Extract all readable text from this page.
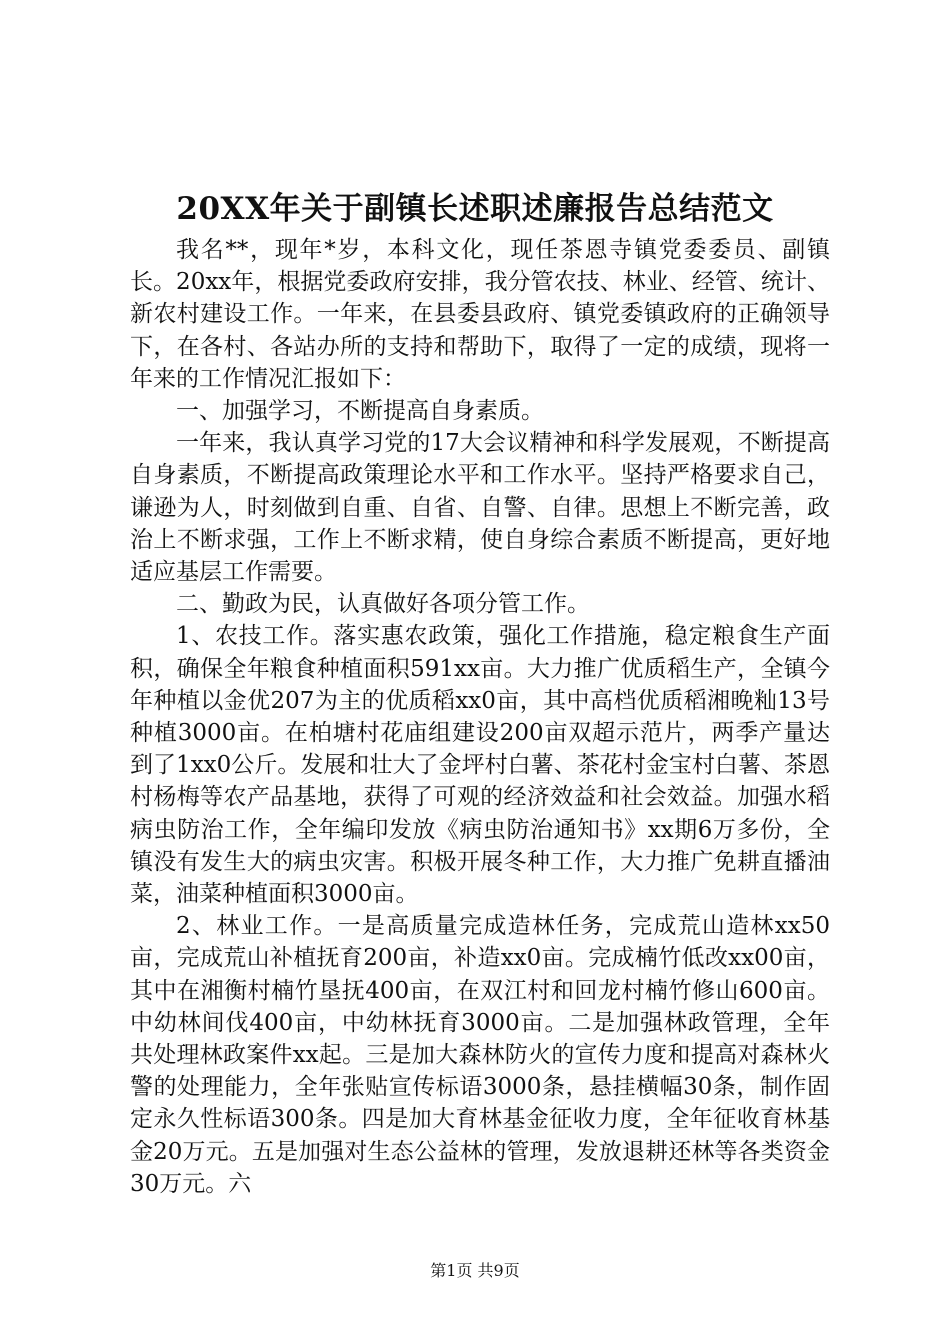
20XX年关于副镇长述职述廉报告总结范文

我名**，现年*岁，本科文化，现任茶恩寺镇党委委员、副镇长。20xx年，根据党委政府安排，我分管农技、林业、经管、统计、新农村建设工作。一年来，在县委县政府、镇党委镇政府的正确领导下，在各村、各站办所的支持和帮助下，取得了一定的成绩，现将一年来的工作情况汇报如下：

一、加强学习，不断提高自身素质。

一年来，我认真学习党的17大会议精神和科学发展观，不断提高自身素质，不断提高政策理论水平和工作水平。坚持严格要求自己，谦逊为人，时刻做到自重、自省、自警、自律。思想上不断完善，政治上不断求强，工作上不断求精，使自身综合素质不断提高，更好地适应基层工作需要。

二、勤政为民，认真做好各项分管工作。

1、农技工作。落实惠农政策，强化工作措施，稳定粮食生产面积，确保全年粮食种植面积591xx亩。大力推广优质稻生产，全镇今年种植以金优207为主的优质稻xx0亩，其中高档优质稻湘晚籼13号种植3000亩。在柏塘村花庙组建设200亩双超示范片，两季产量达到了1xx0公斤。发展和壮大了金坪村白薯、茶花村金宝村白薯、茶恩村杨梅等农产品基地，获得了可观的经济效益和社会效益。加强水稻病虫防治工作，全年编印发放《病虫防治通知书》xx期6万多份，全镇没有发生大的病虫灾害。积极开展冬种工作，大力推广免耕直播油菜，油菜种植面积3000亩。

2、林业工作。一是高质量完成造林任务，完成荒山造林xx50亩，完成荒山补植抚育200亩，补造xx0亩。完成楠竹低改xx00亩，其中在湘衡村楠竹垦抚400亩，在双江村和回龙村楠竹修山600亩。中幼林间伐400亩，中幼林抚育3000亩。二是加强林政管理，全年共处理林政案件xx起。三是加大森林防火的宣传力度和提高对森林火警的处理能力，全年张贴宣传标语3000条，悬挂横幅30条，制作固定永久性标语300条。四是加大育林基金征收力度，全年征收育林基金20万元。五是加强对生态公益林的管理，发放退耕还林等各类资金30万元。六

第1页 共9页
